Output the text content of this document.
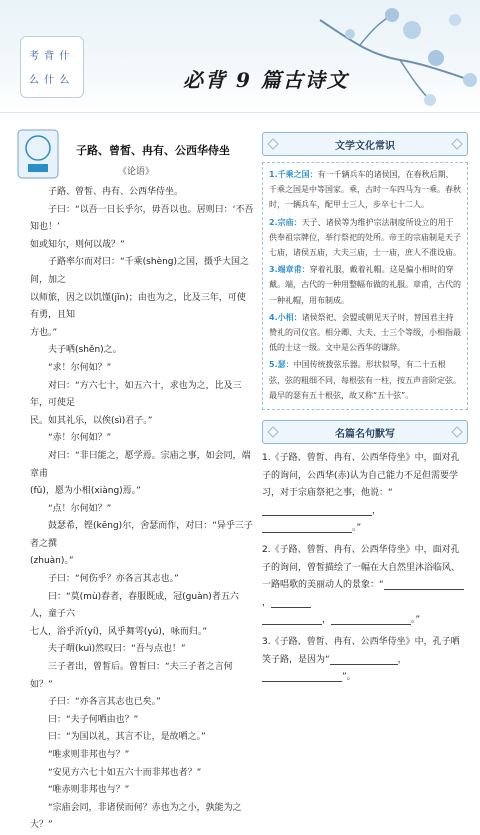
考 背 什
么 什 么	必背 9 篇古诗文
子路、曾皙、冉有、公西华侍坐
《论语》

子路、曾皙、冉有、公西华侍坐。

子曰：“以吾一日长乎尔，毋吾以也。居则曰：‘不吾知也！’

如或知尔，则何以哉？”

子路率尔而对曰：“千乘(shèng)之国，摄乎大国之间，加之

以师旅，因之以饥馑(jǐn)；由也为之，比及三年，可使有勇，且知

方也。”

夫子哂(shěn)之。

“求！尔何如？”

对曰：“方六七十，如五六十，求也为之，比及三年，可使足

民。如其礼乐，以俟(sì)君子。”

“赤！尔何如？”

对曰：“非曰能之，愿学焉。宗庙之事，如会同，端章甫

(fǔ)，愿为小相(xiàng)焉。”

“点！尔何如？”

鼓瑟希，铿(kēng)尔，舍瑟而作，对曰：“异乎三子者之撰

(zhuàn)。”

子曰：“何伤乎？亦各言其志也。”

曰：“莫(mù)春者，春服既成，冠(guàn)者五六人，童子六

七人，浴乎沂(yí)，风乎舞雩(yú)，咏而归。”

夫子喟(kuì)然叹曰：“吾与点也！”

三子者出，曾皙后。曾皙曰：“夫三子者之言何如？”

子曰：“亦各言其志也已矣。”

曰：“夫子何哂由也？”

曰：“为国以礼，其言不让，是故哂之。”

“唯求则非邦也与？”

“安见方六七十如五六十而非邦也者？”

“唯赤则非邦也与？”

“宗庙会同，非诸侯而何？赤也为之小，孰能为之大？”

文学文化常识

1.千乘之国：有一千辆兵车的诸侯国，在春秋后期，千乘之国是中等国家。乘，古时一车四马为一乘。春秋时，一辆兵车，配甲士三人，步卒七十二人。

2.宗庙：天子、诸侯等为维护宗法制度所设立的用于供奉祖宗牌位，举行祭祀的处所。帝王的宗庙制是天子七庙，诸侯五庙，大夫三庙，士一庙，庶人不准设庙。

3.端章甫：穿着礼服，戴着礼帽。这是偏小相时的穿戴。端，古代的一种用整幅布做的礼服。章甫，古代的一种礼帽，用布制成。

4.小相：诸侯祭祀、会盟或朝见天子时，替国君主持赞礼的司仪官。相分卿、大夫、士三个等级，小相指最低的士这一级。文中是公西华的谦辞。

5.瑟：中国传统拨弦乐器。形状似琴，有二十五根弦，弦的粗细不同，每根弦有一柱，按五声音阶定弦。最早的瑟有五十根弦，故又称“五十弦”。

名篇名句默写

1.《子路、曾皙、冉有、公西华侍坐》中，面对孔子的询问，公西华(赤)认为自己能力不足但需要学习，对于宗庙祭祀之事，他说：“，。”

2.《子路、曾皙、冉有、公西华侍坐》中，面对孔子的询问，曾皙描绘了一幅在大自然里沐浴临风、一路唱歌的美丽动人的景象：“，
，	。”

3.《子路、曾皙、冉有、公西华侍坐》中，孔子哂笑子路，是因为“	，”。
